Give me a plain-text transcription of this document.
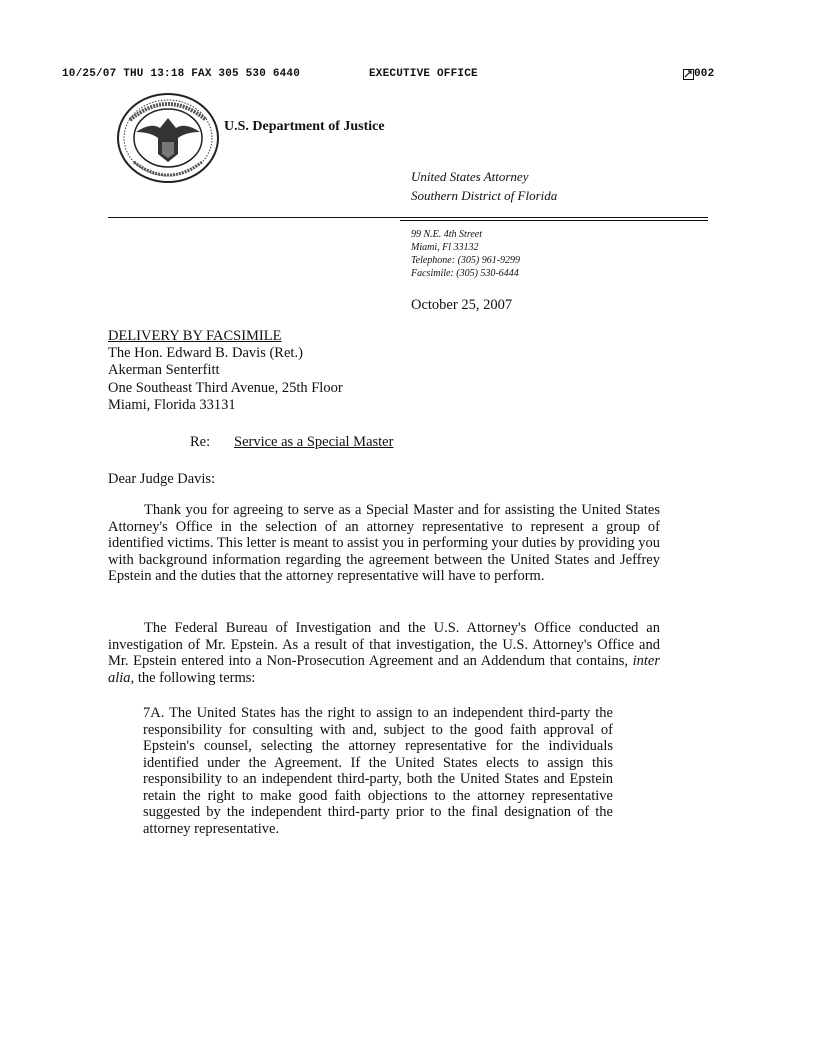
10/25/07 THU 13:18 FAX 305 530 6440	EXECUTIVE OFFICE	002
U.S. Department of Justice
United States Attorney
Southern District of Florida
99 N.E. 4th Street
Miami, Fl 33132
Telephone: (305) 961-9299
Facsimile: (305) 530-6444
October 25, 2007
DELIVERY BY FACSIMILE
The Hon. Edward B. Davis (Ret.)
Akerman Senterfitt
One Southeast Third Avenue, 25th Floor
Miami, Florida 33131
Re: Service as a Special Master
Dear Judge Davis:
Thank you for agreeing to serve as a Special Master and for assisting the United States Attorney's Office in the selection of an attorney representative to represent a group of identified victims. This letter is meant to assist you in performing your duties by providing you with background information regarding the agreement between the United States and Jeffrey Epstein and the duties that the attorney representative will have to perform.
The Federal Bureau of Investigation and the U.S. Attorney's Office conducted an investigation of Mr. Epstein. As a result of that investigation, the U.S. Attorney's Office and Mr. Epstein entered into a Non-Prosecution Agreement and an Addendum that contains, inter alia, the following terms:
7A. The United States has the right to assign to an independent third-party the responsibility for consulting with and, subject to the good faith approval of Epstein's counsel, selecting the attorney representative for the individuals identified under the Agreement. If the United States elects to assign this responsibility to an independent third-party, both the United States and Epstein retain the right to make good faith objections to the attorney representative suggested by the independent third-party prior to the final designation of the attorney representative.
